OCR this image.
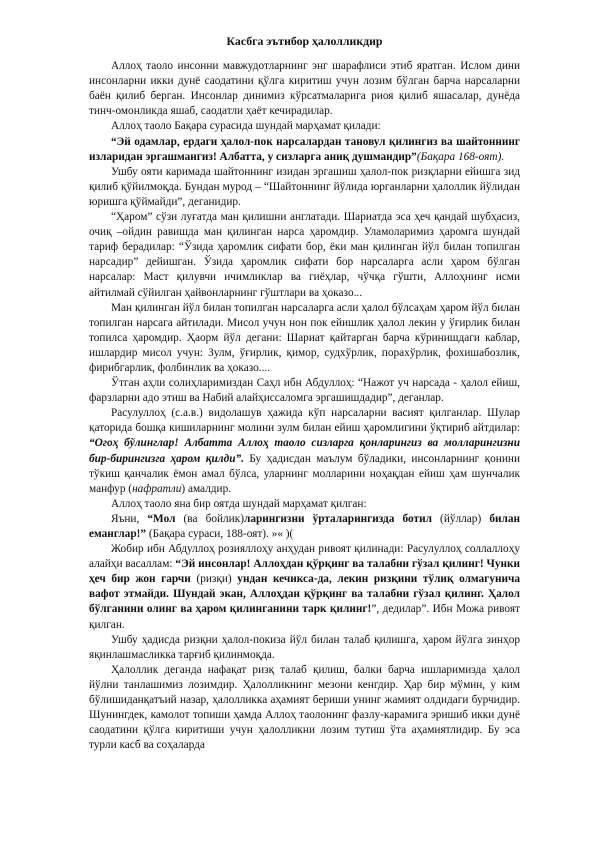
Касбга эътибор ҳалолликдир

Аллоҳ таоло инсонни мавжудотларнинг энг шарафлиси этиб яратган. Ислом дини инсонларни икки дунё саодатини қўлга киритиш учун лозим бўлган барча нарсаларни баён қилиб берган. Инсонлар динимиз кўрсатмаларига риоя қилиб яшасалар, дунёда тинч-омонликда яшаб, саодатли ҳаёт кечирадилар.

Аллоҳ таоло Бақара сурасида шундай марҳамат қилади:

“Эй одамлар, ердаги ҳалол-пок нарсалардан тановул қилингиз ва шайтоннинг изларидан эргашмангиз! Албатта, у сизларга аниқ душмандир”(Бақара 168-оят).

Ушбу ояти каримада шайтоннинг изидан эргашиш ҳалол-пок ризқларни ейишга зид қилиб қўйилмоқда. Бундан мурод – “Шайтоннинг йўлида юрганларни ҳалоллик йўлидан юришга қўймайди”, деганидир.

“Ҳаром” сўзи луғатда ман қилишни англатади. Шариатда эса ҳеч қандай шубҳасиз, очиқ –ойдин равишда ман қилинган нарса ҳаромдир. Уламоларимиз ҳаромга шундай тариф берадилар: “Ўзида ҳаромлик сифати бор, ёки ман қилинган йўл билан топилган нарсадир” дейишган. Ўзида ҳаромлик сифати бор нарсаларга асли ҳаром бўлган нарсалар: Маст қилувчи ичимликлар ва гиёҳлар, чўчқа гўшти, Аллоҳнинг исми айтилмай сўйилган ҳайвонларнинг гўштлари ва ҳоказо...

Ман қилинган йўл билан топилган нарсаларга асли ҳалол бўлсаҳам ҳаром йўл билан топилган нарсага айтилади. Мисол учун нон пок ейишлик ҳалол лекин у ўғирлик билан топилса ҳаромдир. Ҳаорм йўл дегани: Шариат қайтарган барча кўринишдаги каблар, ишлардир мисол учун: Зулм, ўғирлик, қимор, судхўрлик, порахўрлик, фохишабозлик, фирибгарлик, фолбинлик ва ҳоказо....

Ўтган аҳли солиҳларимиздан Саҳл ибн Абдуллоҳ: “Нажот уч нарсада - ҳалол ейиш, фарзларни адо этиш ва Набий алайҳиссаломга эргашишдадир”, деганлар.

Расулуллоҳ (с.а.в.) видолашув ҳажида кўп нарсаларни васият қилганлар. Шулар қаторида бошқа кишиларнинг молини зулм билан ейиш ҳаромлигини ўқтириб айтдилар: “Огоҳ бўлинглар! Албатта Аллоҳ таоло сизларга қонларингиз ва молларингизни бир-бирингизга ҳаром қилди”. Бу ҳадисдан маълум бўладики, инсонларнинг қонини тўкиш қанчалик ёмон амал бўлса, уларнинг молларини ноҳақдан ейиш ҳам шунчалик манфур (нафратли) амалдир.

Аллоҳ таоло яна бир оятда шундай марҳамат қилган:

Яъни, “Мол (ва бойлик)ларингизни ўрталарингизда ботил (йўллар) билан еманглар!” (Бақара сураси, 188-оят). »« )(

Жобир ибн Абдуллоҳ розияллоҳу анҳудан ривоят қилинади: Расулуллоҳ соллаллоҳу алайҳи васаллам: “Эй инсонлар! Аллоҳдан қўрқинг ва талабни гўзал қилинг! Чунки ҳеч бир жон гарчи (ризқи) ундан кечикса-да, лекин ризқини тўлиқ олмагунича вафот этмайди. Шундай экан, Аллоҳдан қўрқинг ва талабни гўзал қилинг. Ҳалол бўлганини олинг ва ҳаром қилинганини тарк қилинг!”, дедилар”. Ибн Можа ривоят қилган.

Ушбу ҳадисда ризқни ҳалол-покиза йўл билан талаб қилишга, ҳаром йўлга зинҳор яқинлашмасликка тарғиб қилинмоқда.

Ҳалоллик деганда нафақат ризқ талаб қилиш, балки барча ишларимизда ҳалол йўлни танлашимиз лозимдир. Ҳалолликнинг мезони кенгдир. Ҳар бир мўмин, у ким бўлишиданқатъий назар, ҳалолликка аҳамият бериши унинг жамият олдидаги бурчидир. Шунингдек, камолот топиши ҳамда Аллоҳ таолонинг фазлу-карамига эришиб икки дунё саодатини қўлга киритиши учун ҳалолликни лозим тутиш ўта аҳамиятлидир. Бу эса турли касб ва соҳаларда
